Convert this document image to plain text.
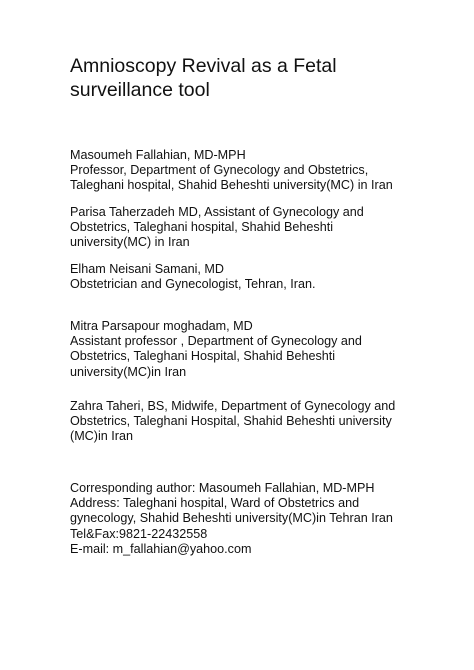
Amnioscopy Revival as a Fetal
surveillance tool
Masoumeh Fallahian, MD-MPH
Professor, Department of Gynecology and Obstetrics,
Taleghani hospital, Shahid Beheshti university(MC) in Iran
Parisa Taherzadeh MD, Assistant of Gynecology and
Obstetrics, Taleghani hospital, Shahid Beheshti
university(MC) in Iran
Elham Neisani Samani, MD
Obstetrician and Gynecologist, Tehran, Iran.
Mitra Parsapour moghadam, MD
Assistant professor , Department of Gynecology and
Obstetrics, Taleghani Hospital, Shahid Beheshti
university(MC)in Iran
Zahra Taheri, BS, Midwife, Department of Gynecology and
Obstetrics, Taleghani Hospital, Shahid Beheshti university
(MC)in Iran
Corresponding author: Masoumeh Fallahian, MD-MPH
Address: Taleghani hospital, Ward of Obstetrics and
gynecology, Shahid Beheshti university(MC)in Tehran Iran
Tel&Fax:9821-22432558
E-mail: m_fallahian@yahoo.com
